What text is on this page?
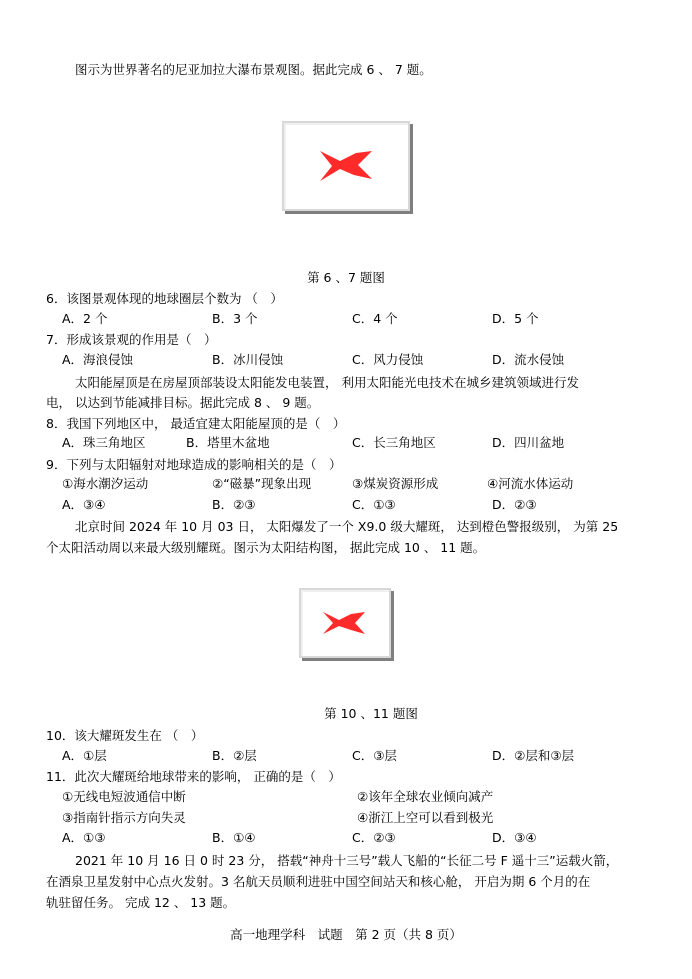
图示为世界著名的尼亚加拉大瀑布景观图。据此完成 6 、 7 题。
第 6 、7 题图
6．该图景观体现的地球圈层个数为 （　）
A．2 个	B．3 个	C．4 个	D．5 个
7．形成该景观的作用是（　）
A．海浪侵蚀	B．冰川侵蚀	C．风力侵蚀	D．流水侵蚀
太阳能屋顶是在房屋顶部装设太阳能发电装置， 利用太阳能光电技术在城乡建筑领域进行发
电， 以达到节能减排目标。据此完成 8 、 9 题。
8．我国下列地区中， 最适宜建太阳能屋顶的是（　）
A．珠三角地区	B．塔里木盆地	C．长三角地区	D．四川盆地
9．下列与太阳辐射对地球造成的影响相关的是（　）
①海水潮汐运动	②“磁暴”现象出现	③煤炭资源形成	④河流水体运动
A．③④	B．②③	C．①③	D．②③
北京时间 2024 年 10 月 03 日， 太阳爆发了一个 X9.0 级大耀斑， 达到橙色警报级别， 为第 25
个太阳活动周以来最大级别耀斑。图示为太阳结构图， 据此完成 10 、 11 题。
第 10 、11 题图
10．该大耀斑发生在 （　）
A．①层	B．②层	C．③层	D．②层和③层
11．此次大耀斑给地球带来的影响， 正确的是（　）
①无线电短波通信中断	②该年全球农业倾向减产
③指南针指示方向失灵	④浙江上空可以看到极光
A．①③	B．①④	C．②③	D．③④
2021 年 10 月 16 日 0 时 23 分， 搭载“神舟十三号”载人飞船的“长征二号 F 遥十三”运载火箭，
在酒泉卫星发射中心点火发射。3 名航天员顺利进驻中国空间站天和核心舱， 开启为期 6 个月的在
轨驻留任务。 完成 12 、 13 题。
高一地理学科　试题　第 2 页（共 8 页）
